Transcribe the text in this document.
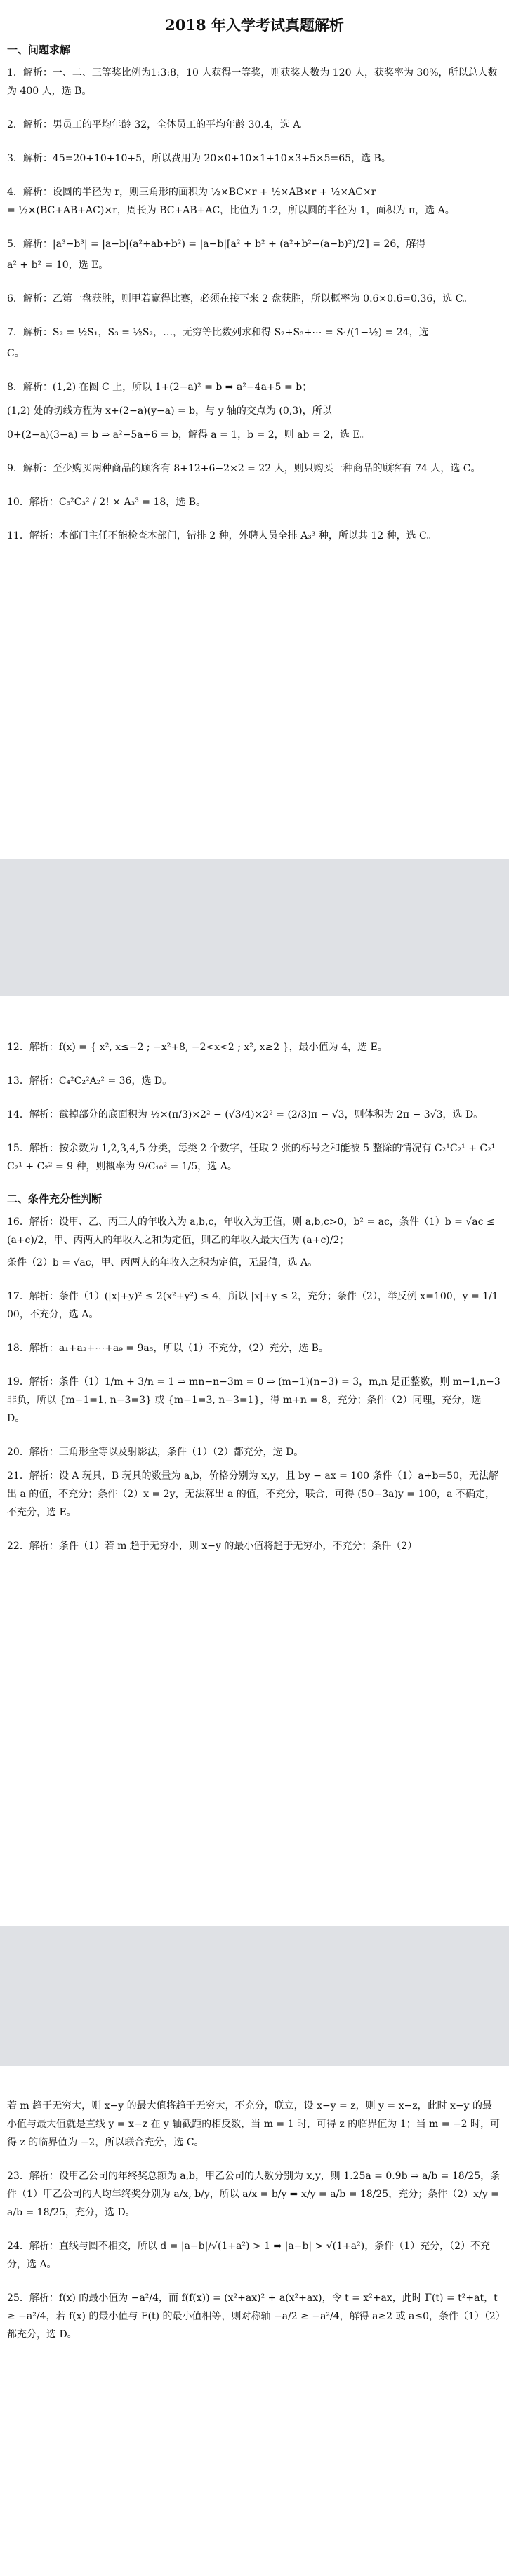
2018 年入学考试真题解析
一、问题求解

1．解析：一、二、三等奖比例为1:3:8，10 人获得一等奖，则获奖人数为 120 人，获奖率为 30%，所以总人数为 400 人，选 B。

2．解析：男员工的平均年龄 32，全体员工的平均年龄 30.4，选 A。

3．解析：45=20+10+10+5，所以费用为 20×0+10×1+10×3+5×5=65，选 B。

4．解析：设圆的半径为 r，则三角形的面积为 ½×BC×r + ½×AB×r + ½×AC×r

= ½×(BC+AB+AC)×r，周长为 BC+AB+AC，比值为 1:2，所以圆的半径为 1，面积为 π，选 A。

5．解析：|a³−b³| = |a−b|(a²+ab+b²) = |a−b|[a² + b² + (a²+b²−(a−b)²)/2] = 26，解得

a² + b² = 10，选 E。

6．解析：乙第一盘获胜，则甲若赢得比赛，必须在接下来 2 盘获胜，所以概率为 0.6×0.6=0.36，选 C。

7．解析：S₂ = ½S₁，S₃ = ½S₂，…，无穷等比数列求和得 S₂+S₃+⋯ = S₁/(1−½) = 24，选

C。

8．解析：(1,2) 在圆 C 上，所以 1+(2−a)² = b ⇒ a²−4a+5 = b；

(1,2) 处的切线方程为 x+(2−a)(y−a) = b，与 y 轴的交点为 (0,3)，所以

0+(2−a)(3−a) = b ⇒ a²−5a+6 = b，解得 a = 1，b = 2，则 ab = 2，选 E。

9．解析：至少购买两种商品的顾客有 8+12+6−2×2 = 22 人，则只购买一种商品的顾客有 74 人，选 C。

10．解析：C₅²C₃² / 2! × A₃³ = 18，选 B。

11．解析：本部门主任不能检查本部门，错排 2 种，外聘人员全排 A₃³ 种，所以共 12 种，选 C。

12．解析：f(x) = { x², x≤−2 ; −x²+8, −2<x<2 ; x², x≥2 }，最小值为 4，选 E。

13．解析：C₄²C₂²A₂² = 36，选 D。

14．解析：截掉部分的底面积为 ½×(π/3)×2² − (√3/4)×2² = (2/3)π − √3，则体积为 2π − 3√3，选 D。

15．解析：按余数为 1,2,3,4,5 分类，每类 2 个数字，任取 2 张的标号之和能被 5 整除的情况有 C₂¹C₂¹ + C₂¹C₂¹ + C₂² = 9 种，则概率为 9/C₁₀² = 1/5，选 A。

二、条件充分性判断

16．解析：设甲、乙、丙三人的年收入为 a,b,c，年收入为正值，则 a,b,c>0，b² = ac，条件（1）b = √ac ≤ (a+c)/2，甲、丙两人的年收入之和为定值，则乙的年收入最大值为 (a+c)/2；

条件（2）b = √ac，甲、丙两人的年收入之积为定值，无最值，选 A。

17．解析：条件（1）(|x|+y)² ≤ 2(x²+y²) ≤ 4，所以 |x|+y ≤ 2，充分；条件（2），举反例 x=100，y = 1/100，不充分，选 A。

18．解析：a₁+a₂+⋯+a₉ = 9a₅，所以（1）不充分，（2）充分，选 B。

19．解析：条件（1）1/m + 3/n = 1 ⇒ mn−n−3m = 0 ⇒ (m−1)(n−3) = 3，m,n 是正整数，则 m−1,n−3 非负，所以 {m−1=1, n−3=3} 或 {m−1=3, n−3=1}，得 m+n = 8，充分；条件（2）同理，充分，选 D。

20．解析：三角形全等以及射影法，条件（1）（2）都充分，选 D。

21．解析：设 A 玩具，B 玩具的数量为 a,b，价格分别为 x,y，且 by − ax = 100 条件（1）a+b=50，无法解出 a 的值，不充分；条件（2）x = 2y，无法解出 a 的值，不充分，联合，可得 (50−3a)y = 100，a 不确定，不充分，选 E。

22．解析：条件（1）若 m 趋于无穷小，则 x−y 的最小值将趋于无穷小，不充分；条件（2）

若 m 趋于无穷大，则 x−y 的最大值将趋于无穷大，不充分，联立，设 x−y = z，则 y = x−z，此时 x−y 的最小值与最大值就是直线 y = x−z 在 y 轴截距的相反数，当 m = 1 时，可得 z 的临界值为 1；当 m = −2 时，可得 z 的临界值为 −2，所以联合充分，选 C。

23．解析：设甲乙公司的年终奖总额为 a,b，甲乙公司的人数分别为 x,y，则 1.25a = 0.9b ⇒ a/b = 18/25，条件（1）甲乙公司的人均年终奖分别为 a/x, b/y，所以 a/x = b/y ⇒ x/y = a/b = 18/25，充分；条件（2）x/y = a/b = 18/25，充分，选 D。

24．解析：直线与圆不相交，所以 d = |a−b|/√(1+a²) > 1 ⇒ |a−b| > √(1+a²)，条件（1）充分，（2）不充分，选 A。

25．解析：f(x) 的最小值为 −a²/4，而 f(f(x)) = (x²+ax)² + a(x²+ax)，令 t = x²+ax，此时 F(t) = t²+at，t ≥ −a²/4，若 f(x) 的最小值与 F(t) 的最小值相等，则对称轴 −a/2 ≥ −a²/4，解得 a≥2 或 a≤0，条件（1）（2）都充分，选 D。
